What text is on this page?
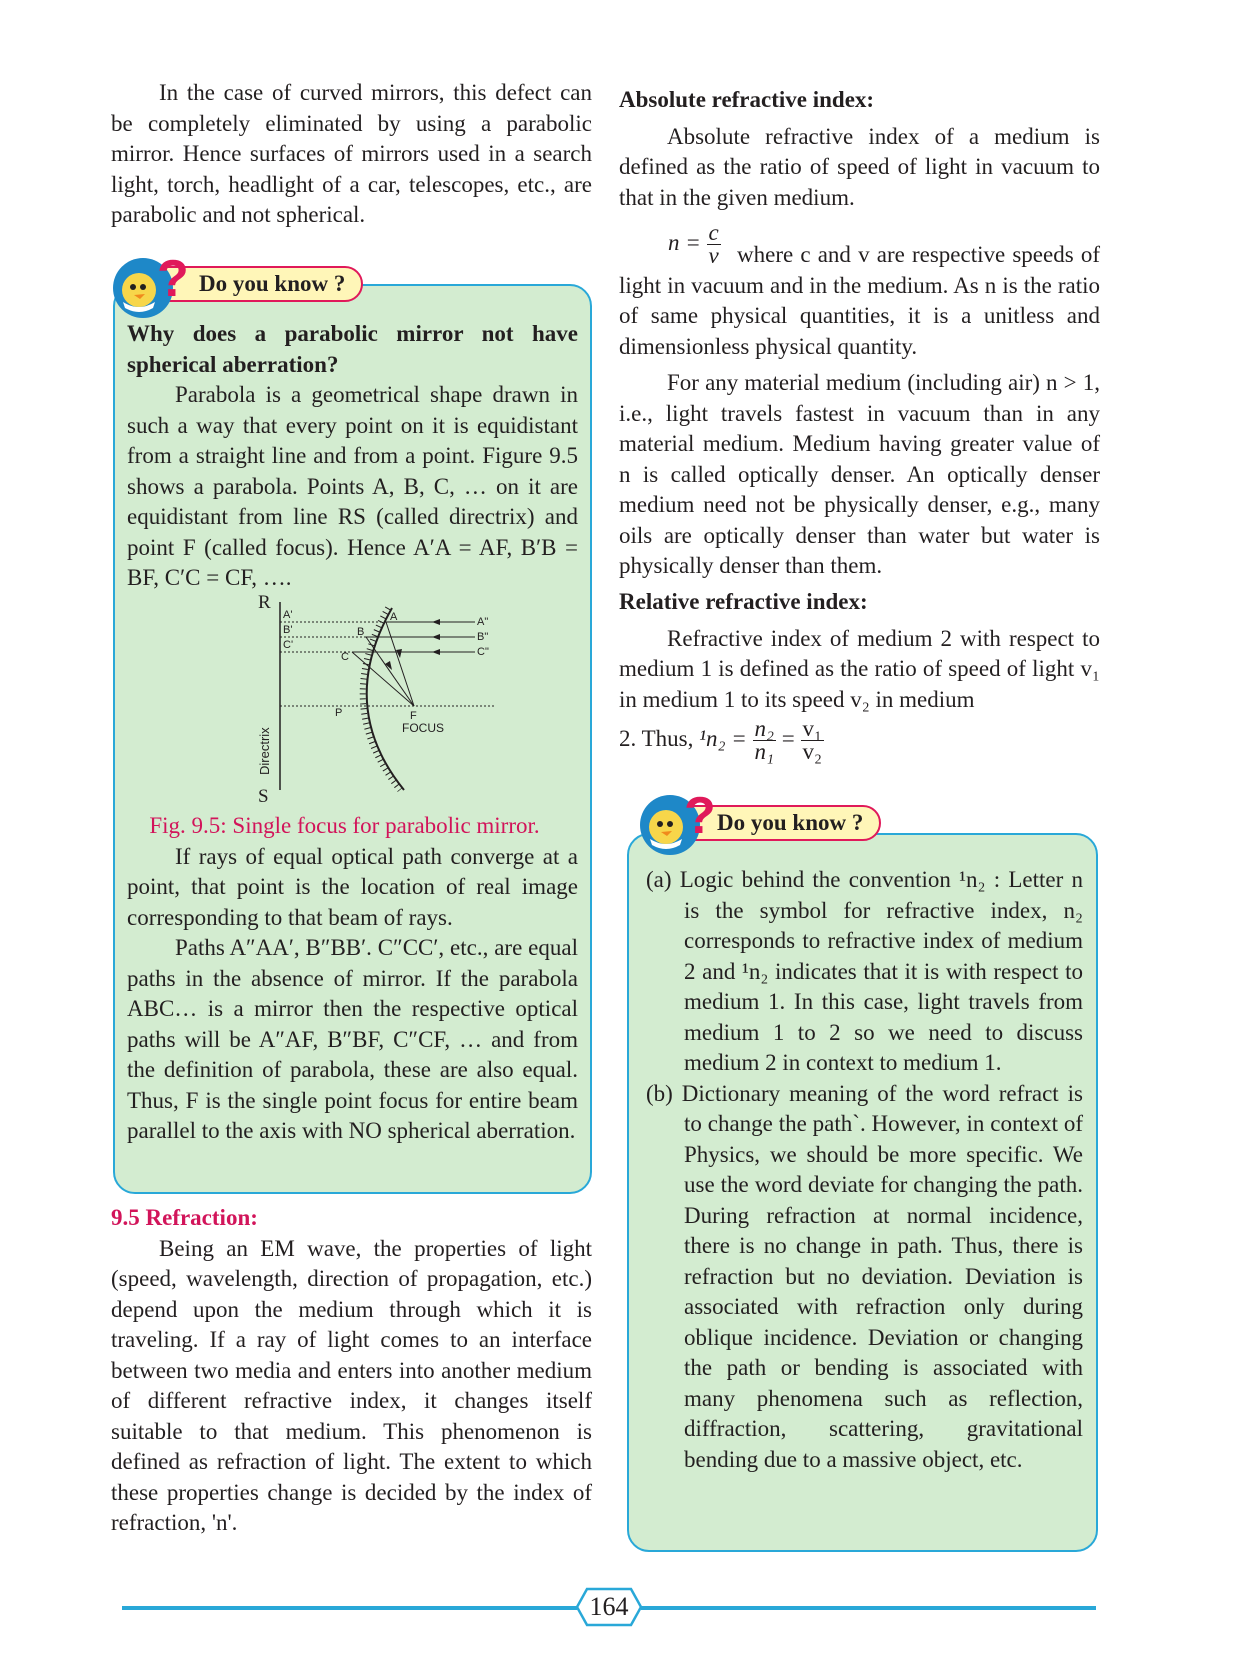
In the case of curved mirrors, this defect can be completely eliminated by using a parabolic mirror. Hence surfaces of mirrors used in a search light, torch, headlight of a car, telescopes, etc., are parabolic and not spherical.

Do you know ?
?

Why does a parabolic mirror not have spherical aberration?

Parabola is a geometrical shape drawn in such a way that every point on it is equidistant from a straight line and from a point. Figure 9.5 shows a parabola. Points A, B, C, … on it are equidistant from line RS (called directrix) and point F (called focus). Hence A′A = AF, B′B = BF, C′C = CF, ….

R
S
Directrix
A'
B'
C'
A
B
C
P
A"
B"
C"
F
FOCUS

Fig. 9.5: Single focus for parabolic mirror.

If rays of equal optical path converge at a point, that point is the location of real image corresponding to that beam of rays.

Paths A″AA′, B″BB′. C″CC′, etc., are equal paths in the absence of mirror. If the parabola ABC… is a mirror then the respective optical paths will be A″AF, B″BF, C″CF, … and from the definition of parabola, these are also equal. Thus, F is the single point focus for entire beam parallel to the axis with NO spherical aberration.

9.5 Refraction:

Being an EM wave, the properties of light (speed, wavelength, direction of propagation, etc.) depend upon the medium through which it is traveling. If a ray of light comes to an interface between two media and enters into another medium of different refractive index, it changes itself suitable to that medium. This phenomenon is defined as refraction of light. The extent to which these properties change is decided by the index of refraction, 'n'.

Absolute refractive index:

Absolute refractive index of a medium is defined as the ratio of speed of light in vacuum to that in the given medium.

$n = \frac{c}{v}$ where c and v are respective speeds of light in vacuum and in the medium. As n is the ratio of same physical quantities, it is a unitless and dimensionless physical quantity.

For any material medium (including air) n > 1, i.e., light travels fastest in vacuum than in any material medium. Medium having greater value of n is called optically denser. An optically denser medium need not be physically denser, e.g., many oils are optically denser than water but water is physically denser than them.

Relative refractive index:

Refractive index of medium 2 with respect to medium 1 is defined as the ratio of speed of light v₁ in medium 1 to its speed v₂ in medium

2. Thus, $^1n_2 = \frac{\text{n₂}}{\text{n₁}} = \frac{\text{v₁}}{\text{v₂}}$
Do you know ?
?

(a) Logic behind the convention ¹n₂ : Letter n is the symbol for refractive index, n₂ corresponds to refractive index of medium 2 and ¹n₂ indicates that it is with respect to medium 1. In this case, light travels from medium 1 to 2 so we need to discuss medium 2 in context to medium 1.

(b) Dictionary meaning of the word refract is to change the path`. However, in context of Physics, we should be more specific. We use the word deviate for changing the path. During refraction at normal incidence, there is no change in path. Thus, there is refraction but no deviation. Deviation is associated with refraction only during oblique incidence. Deviation or changing the path or bending is associated with many phenomena such as reflection, diffraction, scattering, gravitational bending due to a massive object, etc.

164
